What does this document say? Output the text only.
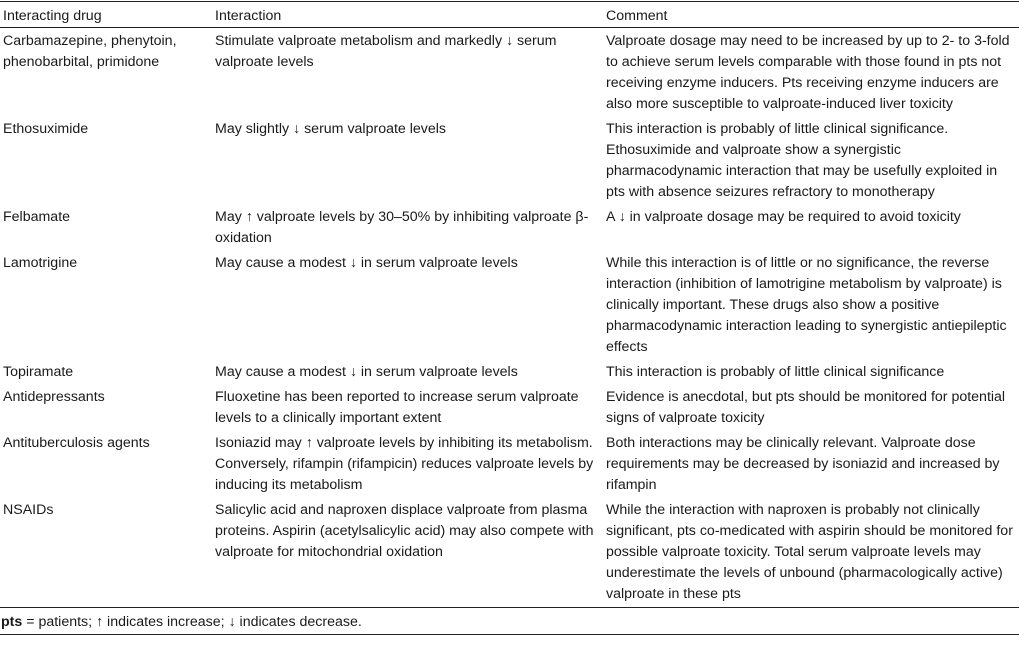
Interacting drug	Interaction	Comment
Carbamazepine, phenytoin, phenobarbital, primidone	Stimulate valproate metabolism and markedly ↓ serum valproate levels	Valproate dosage may need to be increased by up to 2- to 3-fold to achieve serum levels comparable with those found in pts not receiving enzyme inducers. Pts receiving enzyme inducers are also more susceptible to valproate-induced liver toxicity
Ethosuximide	May slightly ↓ serum valproate levels	This interaction is probably of little clinical significance. Ethosuximide and valproate show a synergistic pharmacodynamic interaction that may be usefully exploited in pts with absence seizures refractory to monotherapy
Felbamate	May ↑ valproate levels by 30–50% by inhibiting valproate β-oxidation	A ↓ in valproate dosage may be required to avoid toxicity
Lamotrigine	May cause a modest ↓ in serum valproate levels	While this interaction is of little or no significance, the reverse interaction (inhibition of lamotrigine metabolism by valproate) is clinically important. These drugs also show a positive pharmacodynamic interaction leading to synergistic antiepileptic effects
Topiramate	May cause a modest ↓ in serum valproate levels	This interaction is probably of little clinical significance
Antidepressants	Fluoxetine has been reported to increase serum valproate levels to a clinically important extent	Evidence is anecdotal, but pts should be monitored for potential signs of valproate toxicity
Antituberculosis agents	Isoniazid may ↑ valproate levels by inhibiting its metabolism. Conversely, rifampin (rifampicin) reduces valproate levels by inducing its metabolism	Both interactions may be clinically relevant. Valproate dose requirements may be decreased by isoniazid and increased by rifampin
NSAIDs	Salicylic acid and naproxen displace valproate from plasma proteins. Aspirin (acetylsalicylic acid) may also compete with valproate for mitochondrial oxidation	While the interaction with naproxen is probably not clinically significant, pts co-medicated with aspirin should be monitored for possible valproate toxicity. Total serum valproate levels may underestimate the levels of unbound (pharmacologically active) valproate in these pts
pts = patients; ↑ indicates increase; ↓ indicates decrease.
